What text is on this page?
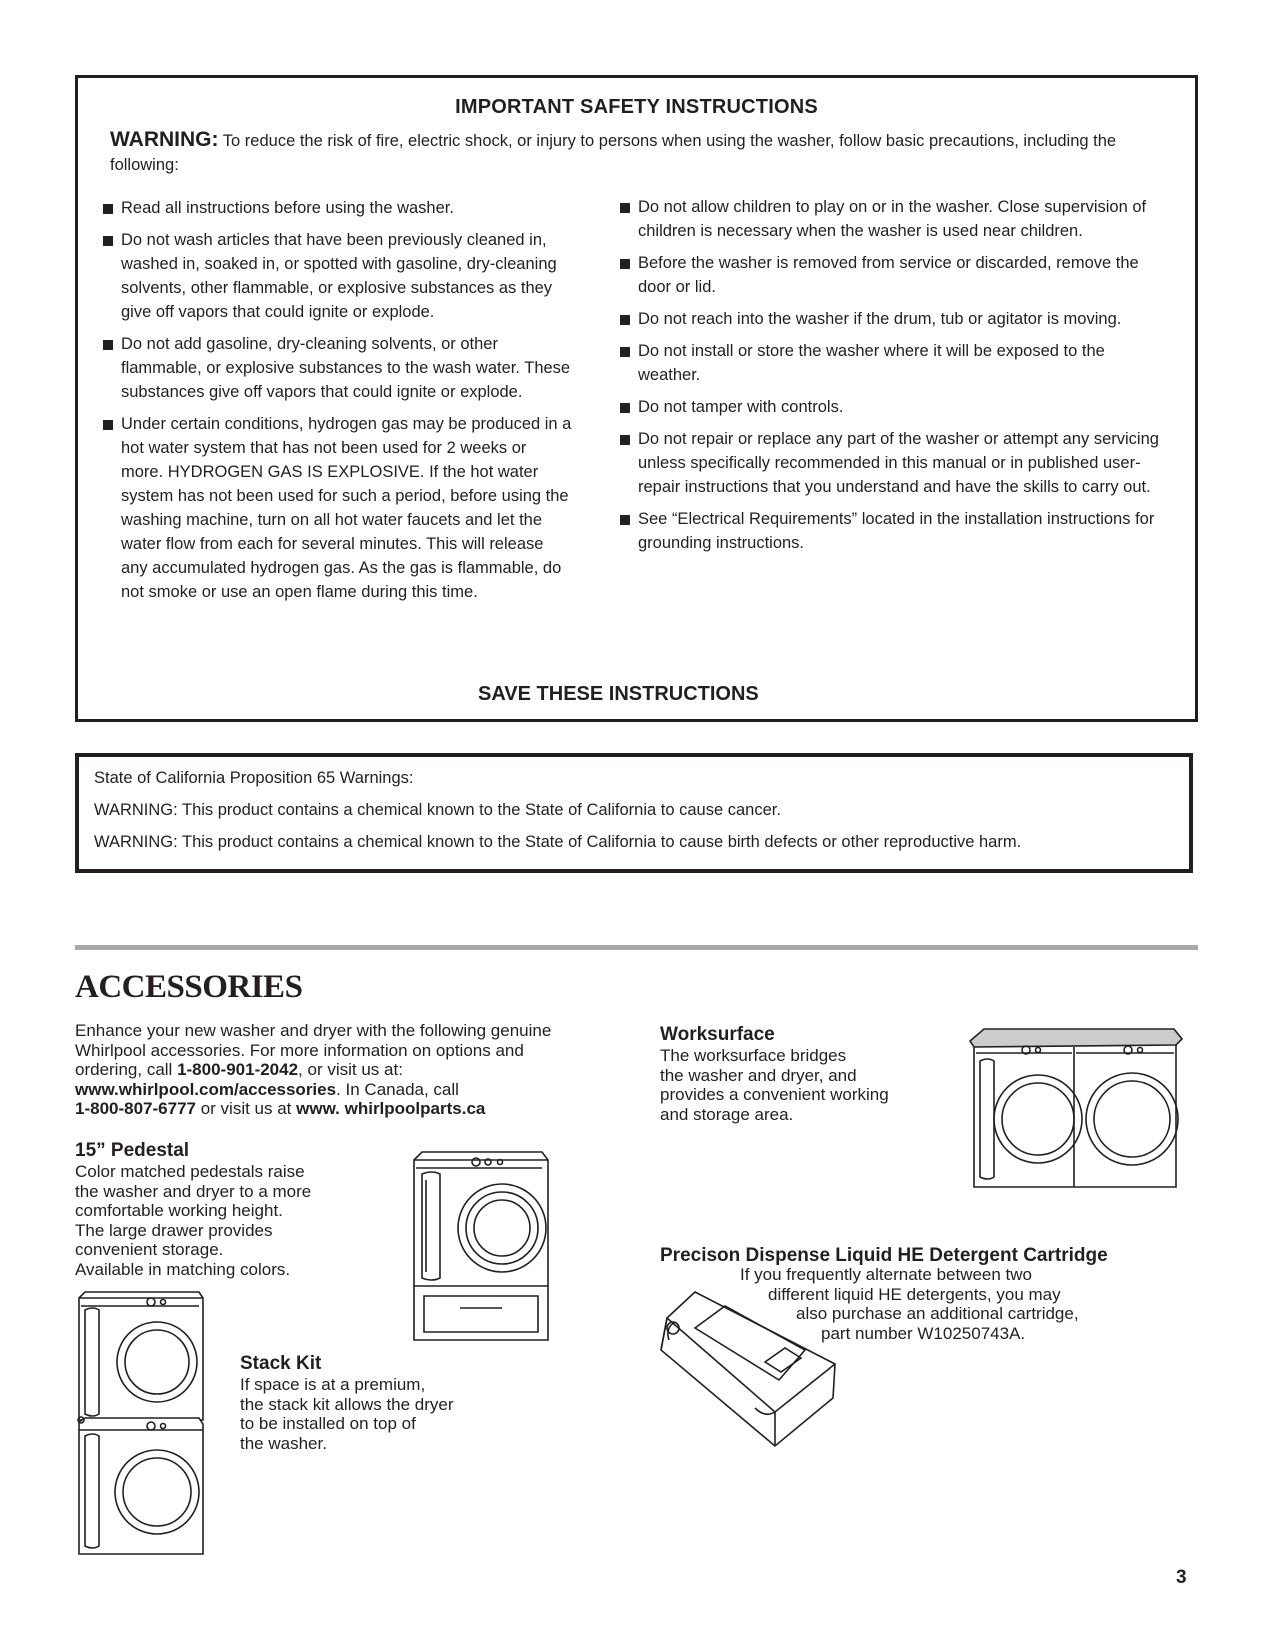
IMPORTANT SAFETY INSTRUCTIONS
WARNING: To reduce the risk of fire, electric shock, or injury to persons when using the washer, follow basic precautions, including the following:
Read all instructions before using the washer.
Do not wash articles that have been previously cleaned in, washed in, soaked in, or spotted with gasoline, dry-cleaning solvents, other flammable, or explosive substances as they give off vapors that could ignite or explode.
Do not add gasoline, dry-cleaning solvents, or other flammable, or explosive substances to the wash water. These substances give off vapors that could ignite or explode.
Under certain conditions, hydrogen gas may be produced in a hot water system that has not been used for 2 weeks or more. HYDROGEN GAS IS EXPLOSIVE. If the hot water system has not been used for such a period, before using the washing machine, turn on all hot water faucets and let the water flow from each for several minutes. This will release any accumulated hydrogen gas. As the gas is flammable, do not smoke or use an open flame during this time.
Do not allow children to play on or in the washer. Close supervision of children is necessary when the washer is used near children.
Before the washer is removed from service or discarded, remove the door or lid.
Do not reach into the washer if the drum, tub or agitator is moving.
Do not install or store the washer where it will be exposed to the weather.
Do not tamper with controls.
Do not repair or replace any part of the washer or attempt any servicing unless specifically recommended in this manual or in published user-repair instructions that you understand and have the skills to carry out.
See “Electrical Requirements” located in the installation instructions for grounding instructions.
SAVE THESE INSTRUCTIONS
State of California Proposition 65 Warnings:
WARNING: This product contains a chemical known to the State of California to cause cancer.
WARNING: This product contains a chemical known to the State of California to cause birth defects or other reproductive harm.
ACCESSORIES
Enhance your new washer and dryer with the following genuine
Whirlpool accessories. For more information on options and
ordering, call 1-800-901-2042, or visit us at:
www.whirlpool.com/accessories. In Canada, call
1-800-807-6777 or visit us at www. whirlpoolparts.ca
15” Pedestal
Color matched pedestals raise
the washer and dryer to a more
comfortable working height.
The large drawer provides
convenient storage.
Available in matching colors.
Stack Kit
If space is at a premium,
the stack kit allows the dryer
to be installed on top of
the washer.
Worksurface
The worksurface bridges
the washer and dryer, and
provides a convenient working
and storage area.
Precison Dispense Liquid HE Detergent Cartridge
If you frequently alternate between two
different liquid HE detergents, you may
also purchase an additional cartridge,
part number W10250743A.
3
